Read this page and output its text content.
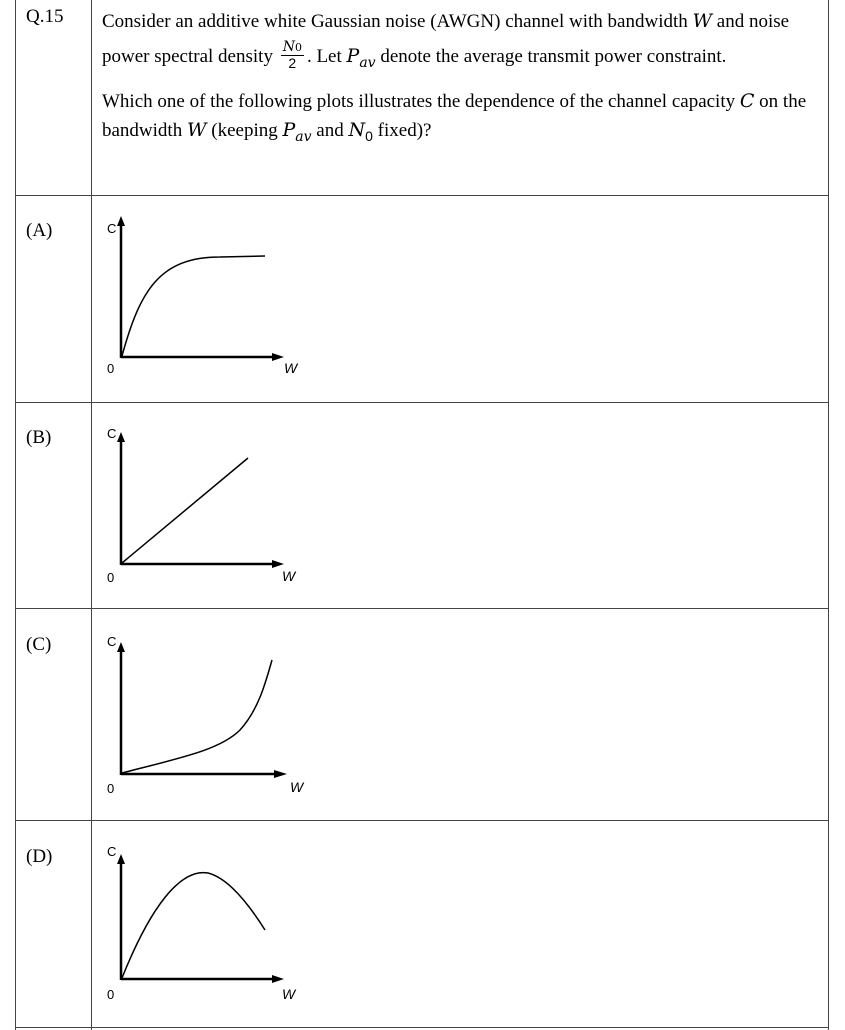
Q.15 Consider an additive white Gaussian noise (AWGN) channel with bandwidth W and noise power spectral density $\frac{N0}{2}$ . Let $P_{av}$ denote the average transmit power constraint.

Which one of the following plots illustrates the dependence of the channel capacity C on the bandwidth W (keeping $P_{av}$ and $N_0$ fixed)?

(A)	C
0	W
(B)	C
0	W
(C)	C
0	W
(D)	C
0	W
